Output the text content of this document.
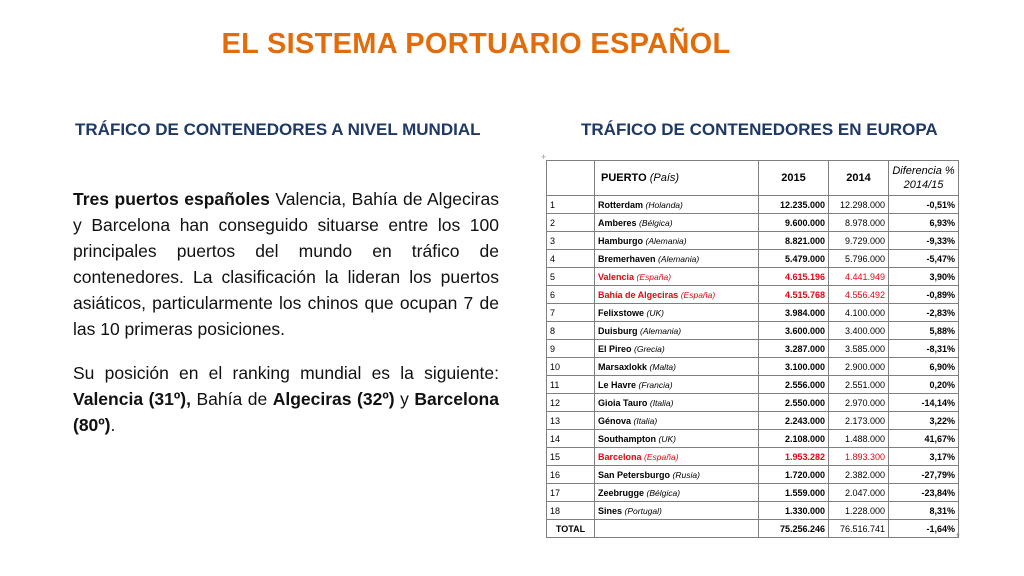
EL SISTEMA PORTUARIO ESPAÑOL
TRÁFICO DE CONTENEDORES A NIVEL MUNDIAL	TRÁFICO DE CONTENEDORES EN EUROPA

Tres puertos españoles Valencia, Bahía de Algeciras y Barcelona han conseguido situarse entre los 100 principales puertos del mundo en tráfico de contenedores. La clasificación la lideran los puertos asiáticos, particularmente los chinos que ocupan 7 de las 10 primeras posiciones.

Su posición en el ranking mundial es la siguiente: Valencia (31º), Bahía de Algeciras (32º) y Barcelona (80º).

+
+
	PUERTO (País)	2015	2014	Diferencia % 2014/15
1	Rotterdam (Holanda)	12.235.000	12.298.000	-0,51%
2	Amberes (Bélgica)	9.600.000	8.978.000	6,93%
3	Hamburgo (Alemania)	8.821.000	9.729.000	-9,33%
4	Bremerhaven (Alemania)	5.479.000	5.796.000	-5,47%
5	Valencia (España)	4.615.196	4.441.949	3,90%
6	Bahía de Algeciras (España)	4.515.768	4.556.492	-0,89%
7	Felixstowe (UK)	3.984.000	4.100.000	-2,83%
8	Duisburg (Alemania)	3.600.000	3.400.000	5,88%
9	El Pireo (Grecia)	3.287.000	3.585.000	-8,31%
10	Marsaxlokk (Malta)	3.100.000	2.900.000	6,90%
11	Le Havre (Francia)	2.556.000	2.551.000	0,20%
12	Gioia Tauro (Italia)	2.550.000	2.970.000	-14,14%
13	Génova (Italia)	2.243.000	2.173.000	3,22%
14	Southampton (UK)	2.108.000	1.488.000	41,67%
15	Barcelona (España)	1.953.282	1.893.300	3,17%
16	San Petersburgo (Rusia)	1.720.000	2.382.000	-27,79%
17	Zeebrugge (Bélgica)	1.559.000	2.047.000	-23,84%
18	Sines (Portugal)	1.330.000	1.228.000	8,31%
TOTAL		75.256.246	76.516.741	-1,64%
